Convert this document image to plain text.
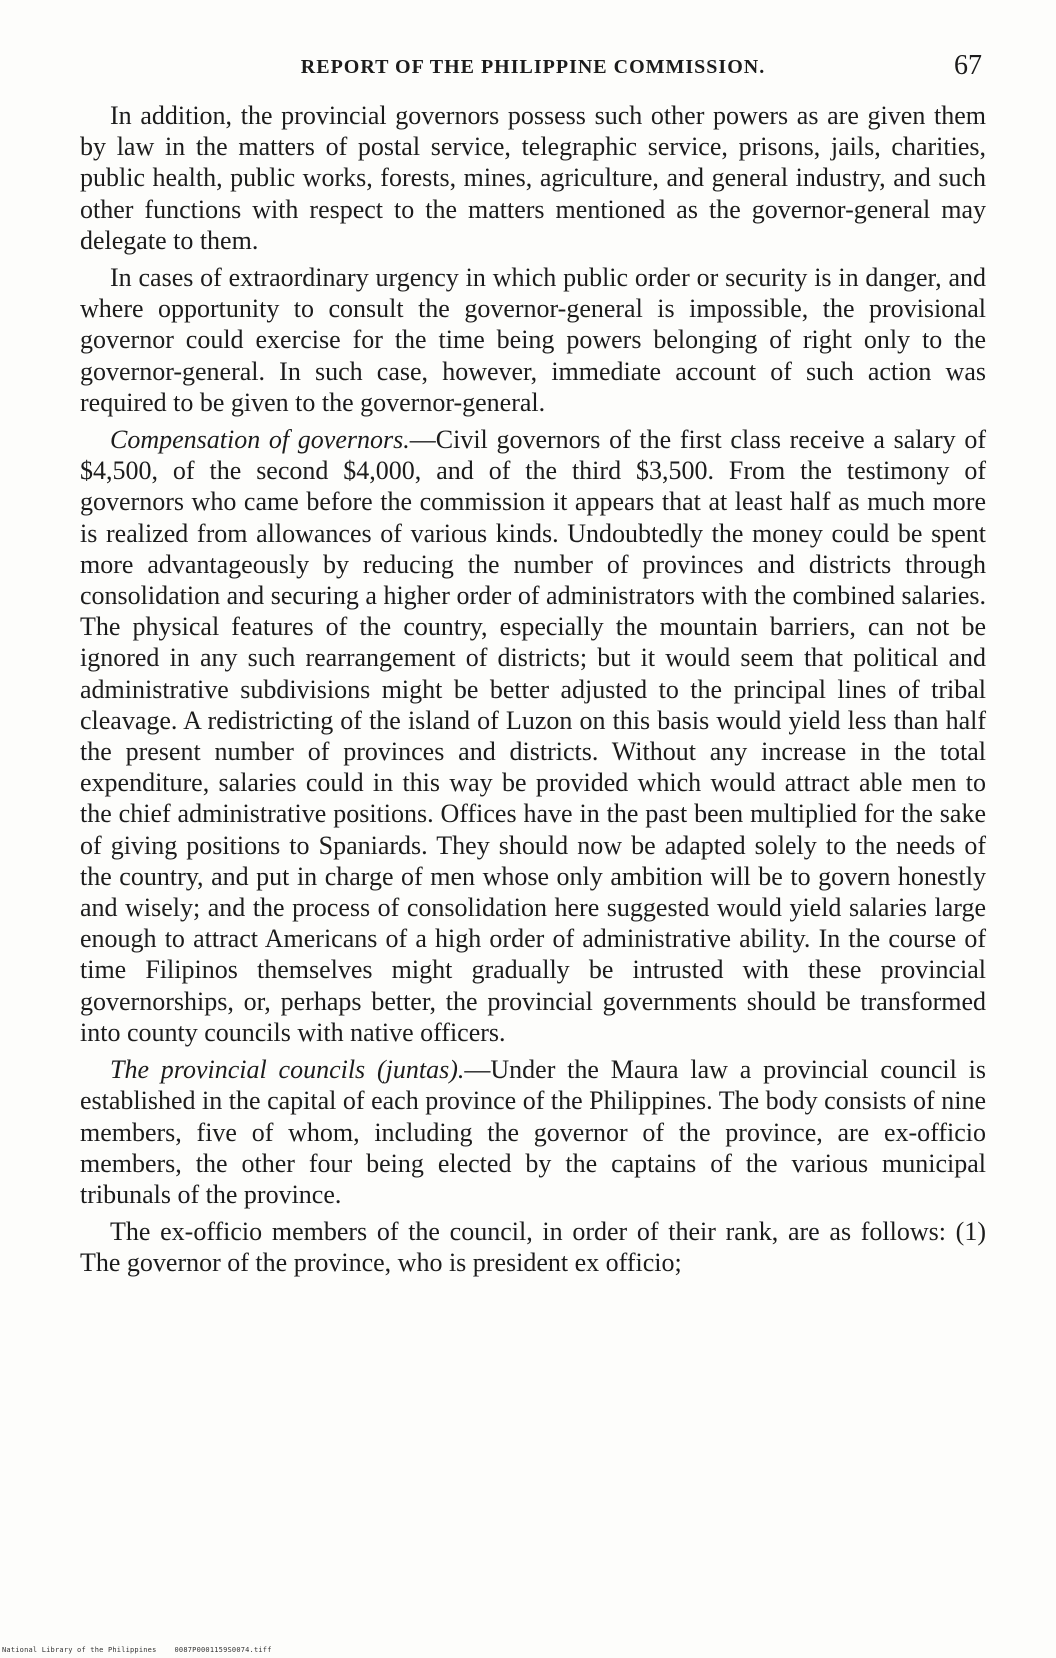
REPORT OF THE PHILIPPINE COMMISSION.	67

In addition, the provincial governors possess such other powers as are given them by law in the matters of postal service, telegraphic service, prisons, jails, charities, public health, public works, forests, mines, agriculture, and general industry, and such other functions with respect to the matters mentioned as the governor-general may delegate to them.

In cases of extraordinary urgency in which public order or security is in danger, and where opportunity to consult the governor-general is impossible, the provisional governor could exercise for the time being powers belonging of right only to the governor-general. In such case, however, immediate account of such action was required to be given to the governor-general.

Compensation of governors.—Civil governors of the first class receive a salary of $4,500, of the second $4,000, and of the third $3,500. From the testimony of governors who came before the commission it appears that at least half as much more is realized from allowances of various kinds. Undoubtedly the money could be spent more advantageously by reducing the number of provinces and districts through consolidation and securing a higher order of administrators with the combined salaries. The physical features of the country, especially the mountain barriers, can not be ignored in any such rearrangement of districts; but it would seem that political and administrative subdivisions might be better adjusted to the principal lines of tribal cleavage. A redistricting of the island of Luzon on this basis would yield less than half the present number of provinces and districts. Without any increase in the total expenditure, salaries could in this way be provided which would attract able men to the chief administrative positions. Offices have in the past been multiplied for the sake of giving positions to Spaniards. They should now be adapted solely to the needs of the country, and put in charge of men whose only ambition will be to govern honestly and wisely; and the process of consolidation here suggested would yield salaries large enough to attract Americans of a high order of administrative ability. In the course of time Filipinos themselves might gradually be intrusted with these provincial governorships, or, perhaps better, the provincial governments should be transformed into county councils with native officers.

The provincial councils (juntas).—Under the Maura law a provincial council is established in the capital of each province of the Philippines. The body consists of nine members, five of whom, including the governor of the province, are ex-officio members, the other four being elected by the captains of the various municipal tribunals of the province.

The ex-officio members of the council, in order of their rank, are as follows: (1) The governor of the province, who is president ex officio;

National Library of the Philippines	0087P0001159S0074.tiff
